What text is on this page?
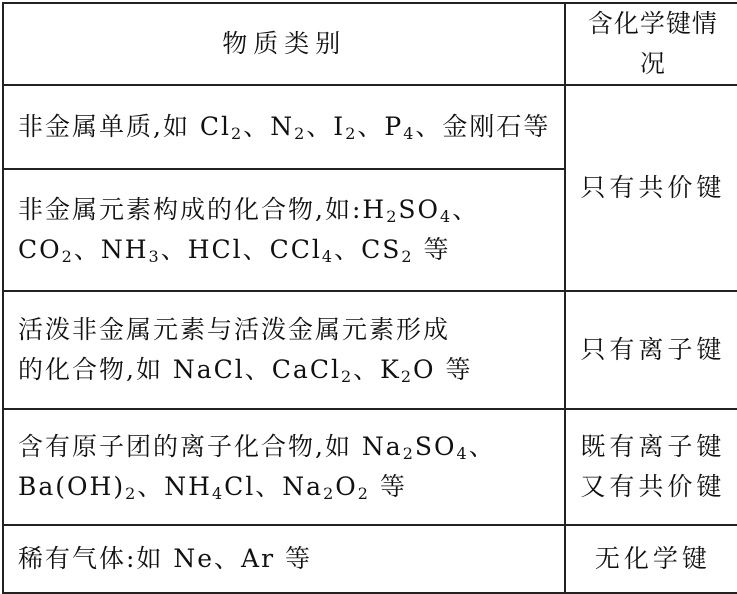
物质类别	含化学键情况

非金属单质,如 $Cl_2$、$N_2$、$I_2$、$P_4$、金刚石等	只有共价键

非金属元素构成的化合物,如$:H_2SO_4$、
$CO_2$、$NH_3$、HCl、CCl$_4$、$CS_2$ 等	

活泼非金属元素与活泼金属元素形成
的化合物,如 NaCl、CaCl$_2$、$K_2O$ 等	只有离子键

含有原子团的离子化合物,如 $Na_2SO_4$、
$Ba(OH)_2$、$NH_4Cl$、$Na_2O_2$ 等	既有离子键
又有共价键

稀有气体:如 Ne、Ar 等	无化学键
